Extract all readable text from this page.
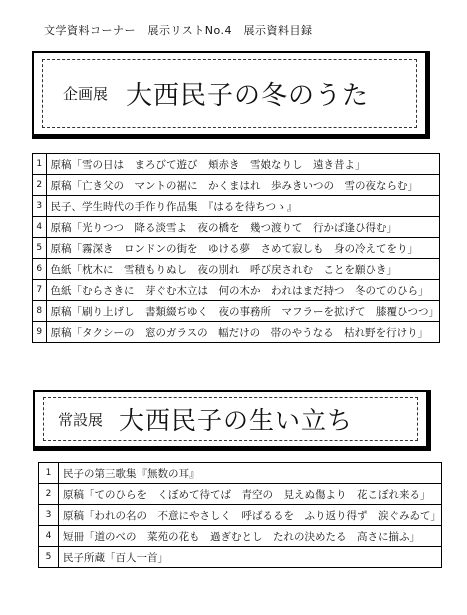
文学資料コーナー　展示リストNo.4　展示資料目録
企画展 大西民子の冬のうた
1	原稿「雪の日は　まろびて遊び　頬赤き　雪娘なりし　遠き昔よ」
2	原稿「亡き父の　マントの裾に　かくまはれ　歩みきいつの　雪の夜ならむ」
3	民子、学生時代の手作り作品集　『はるを待ちつゝ』
4	原稿「光りつつ　降る淡雪よ　夜の橋を　幾つ渡りて　行かば逢ひ得む」
5	原稿「霧深き　ロンドンの街を　ゆける夢　さめて寂しも　身の冷えてをり」
6	色紙「枕木に　雪積もりぬし　夜の別れ　呼び戻されむ　ことを願ひき」
7	色紙「むらさきに　芽ぐむ木立は　何の木か　われはまだ持つ　冬のてのひら」
8	原稿「刷り上げし　書類綴ぢゆく　夜の事務所　マフラーを拡げて　膝覆ひつつ」
9	原稿「タクシーの　窓のガラスの　幅だけの　帯のやうなる　枯れ野を行けり」
常設展 大西民子の生い立ち
1	民子の第三歌集『無数の耳』
2	原稿「てのひらを　くぼめて待てば　青空の　見えぬ傷より　花こぼれ来る」
3	原稿「われの名の　不意にやさしく　呼ばるるを　ふり返り得ず　涙ぐみゐて」
4	短冊「道のべの　菜苑の花も　過ぎむとし　たれの決めたる　高さに揃ふ」
5	民子所蔵「百人一首」
